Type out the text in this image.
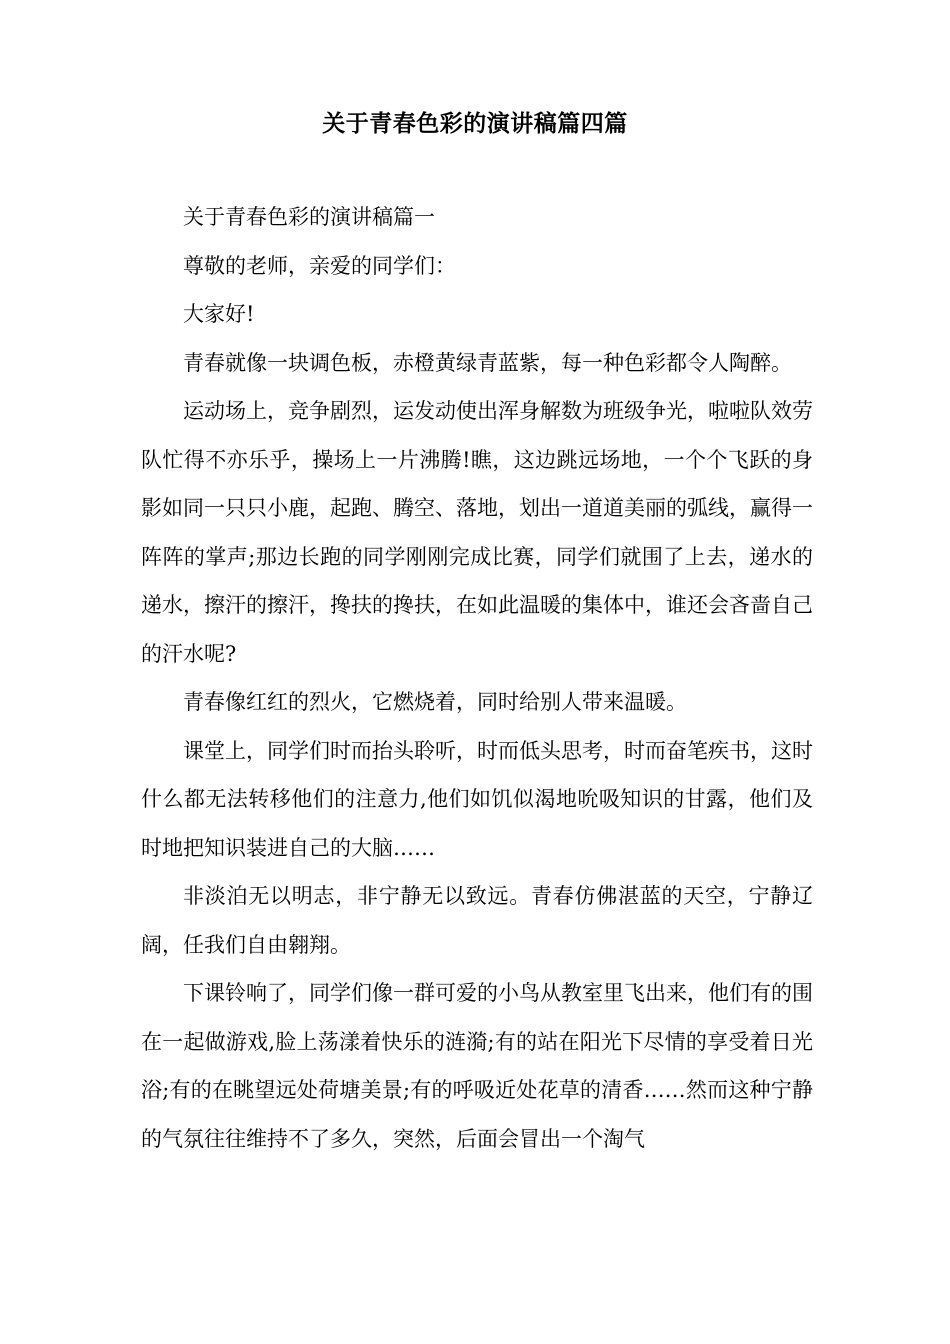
关于青春色彩的演讲稿篇四篇

关于青春色彩的演讲稿篇一

尊敬的老师，亲爱的同学们：

大家好!

青春就像一块调色板，赤橙黄绿青蓝紫，每一种色彩都令人陶醉。

运动场上，竞争剧烈，运发动使出浑身解数为班级争光，啦啦队效劳队忙得不亦乐乎，操场上一片沸腾!瞧，这边跳远场地，一个个飞跃的身影如同一只只小鹿，起跑、腾空、落地，划出一道道美丽的弧线，赢得一阵阵的掌声;那边长跑的同学刚刚完成比赛，同学们就围了上去，递水的递水，擦汗的擦汗，搀扶的搀扶，在如此温暖的集体中，谁还会吝啬自己的汗水呢?

青春像红红的烈火，它燃烧着，同时给别人带来温暖。

课堂上，同学们时而抬头聆听，时而低头思考，时而奋笔疾书，这时什么都无法转移他们的注意力,他们如饥似渴地吮吸知识的甘露，他们及时地把知识装进自己的大脑……

非淡泊无以明志，非宁静无以致远。青春仿佛湛蓝的天空，宁静辽阔，任我们自由翱翔。

下课铃响了，同学们像一群可爱的小鸟从教室里飞出来，他们有的围在一起做游戏,脸上荡漾着快乐的涟漪;有的站在阳光下尽情的享受着日光浴;有的在眺望远处荷塘美景;有的呼吸近处花草的清香……然而这种宁静的气氛往往维持不了多久，突然，后面会冒出一个淘气
